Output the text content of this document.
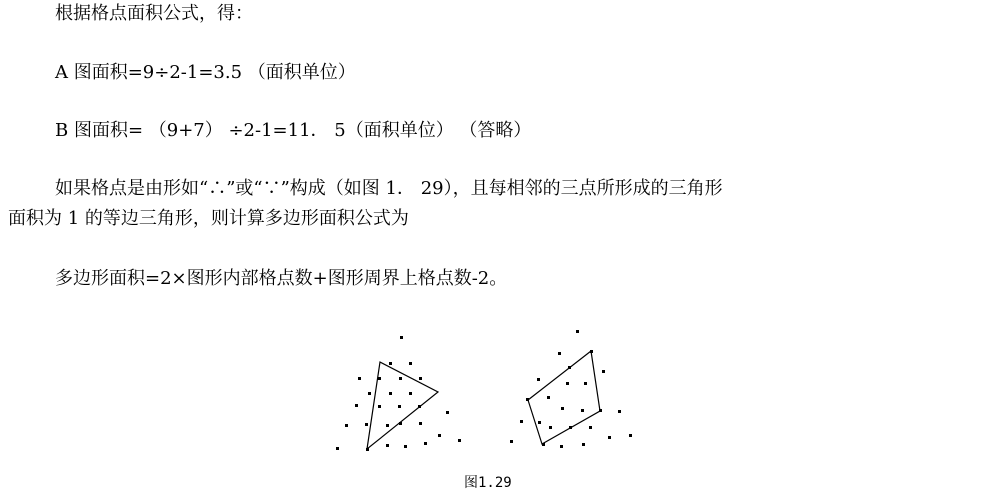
根据格点面积公式，得：
A 图面积=9÷2-1=3.5 （面积单位）
B 图面积= （9+7） ÷2-1=11． 5（面积单位） （答略）
如果格点是由形如“∴”或“∵”构成（如图 1． 29），且每相邻的三点所形成的三角形
面积为 1 的等边三角形，则计算多边形面积公式为
多边形面积=2×图形内部格点数+图形周界上格点数-2。
图1.29
